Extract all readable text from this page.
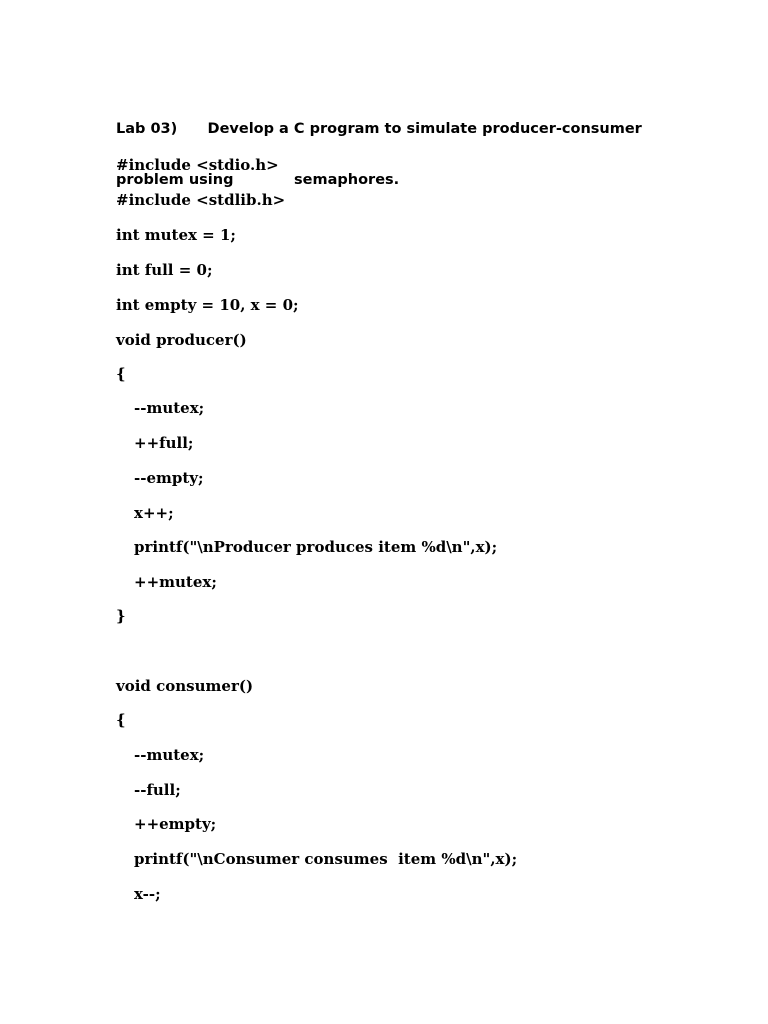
Lab 03)      Develop a C program to simulate producer-consumer

problem using            semaphores.

#include <stdio.h>
#include <stdlib.h>
int mutex = 1;
int full = 0;
int empty = 10, x = 0;
void producer()
{
--mutex;
++full;
--empty;
x++;
printf("\nProducer produces item %d\n",x);
++mutex;
}
void consumer()
{
--mutex;
--full;
++empty;
printf("\nConsumer consumes  item %d\n",x);
x--;
